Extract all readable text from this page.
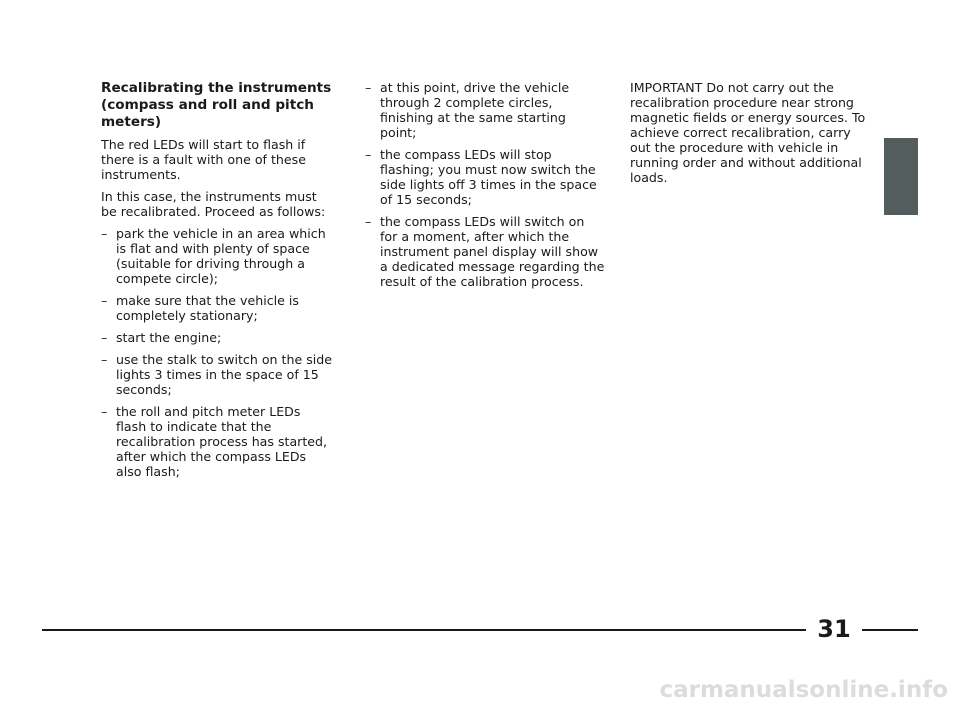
Recalibrating the instruments (compass and roll and pitch meters)

The red LEDs will start to flash if there is a fault with one of these instruments.

In this case, the instruments must be recalibrated. Proceed as follows:

– park the vehicle in an area which is flat and with plenty of space (suitable for driving through a compete circle);
– make sure that the vehicle is completely stationary;
– start the engine;
– use the stalk to switch on the side lights 3 times in the space of 15 seconds;
– the roll and pitch meter LEDs flash to indicate that the recalibration process has started, after which the compass LEDs also flash;
– at this point, drive the vehicle through 2 complete circles, finishing at the same starting point;
– the compass LEDs will stop flashing; you must now switch the side lights off 3 times in the space of 15 seconds;
– the compass LEDs will switch on for a moment, after which the instrument panel display will show a dedicated message regarding the result of the calibration process.

IMPORTANT Do not carry out the recalibration procedure near strong magnetic fields or energy sources. To achieve correct recalibration, carry out the procedure with vehicle in running order and without additional loads.

31
carmanualsonline.info
